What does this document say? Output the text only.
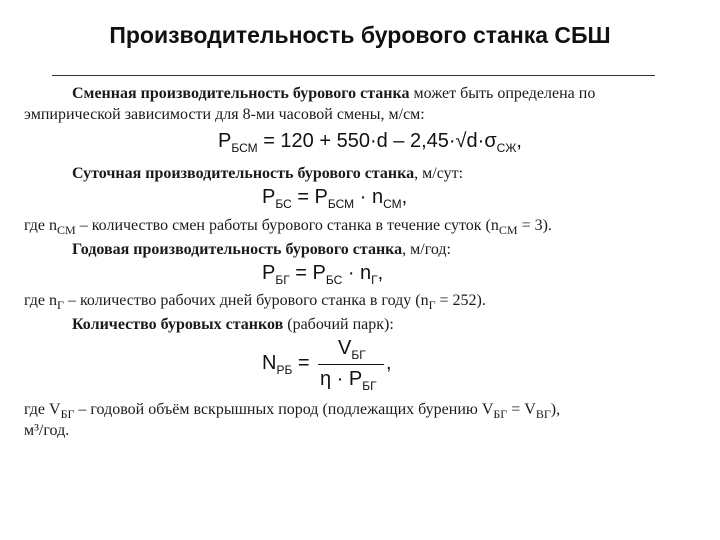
Производительность бурового станка СБШ
Сменная производительность бурового станка может быть определена по
эмпирической зависимости для 8-ми часовой смены, м/см:
$P_{БСМ} = 120 + 550\cdot d - 2,45\cdot√d\cdot\sigma_{СЖ}$,
Суточная производительность бурового станка, м/сут:
$P_{БС} = P_{БСМ} \cdot n_{СМ}$,
где $n_{СМ}$ – количество смен работы бурового станка в течение суток $(n_{СМ} = 3)$.
Годовая производительность бурового станка, м/год:
$P_{БГ} = P_{БС} \cdot n_Г$,
где $n_Г$ – количество рабочих дней бурового станка в году $(n_Г = 252)$.
Количество буровых станков (рабочий парк):
$N_{РБ}$ =
$V_{БГ}$
$\eta \cdot P_{БГ}$
,
где $V_{БГ}$ – годовой объём вскрышных пород (подлежащих бурению $V_{БГ} = V_{ВГ}$),
м³/год.
